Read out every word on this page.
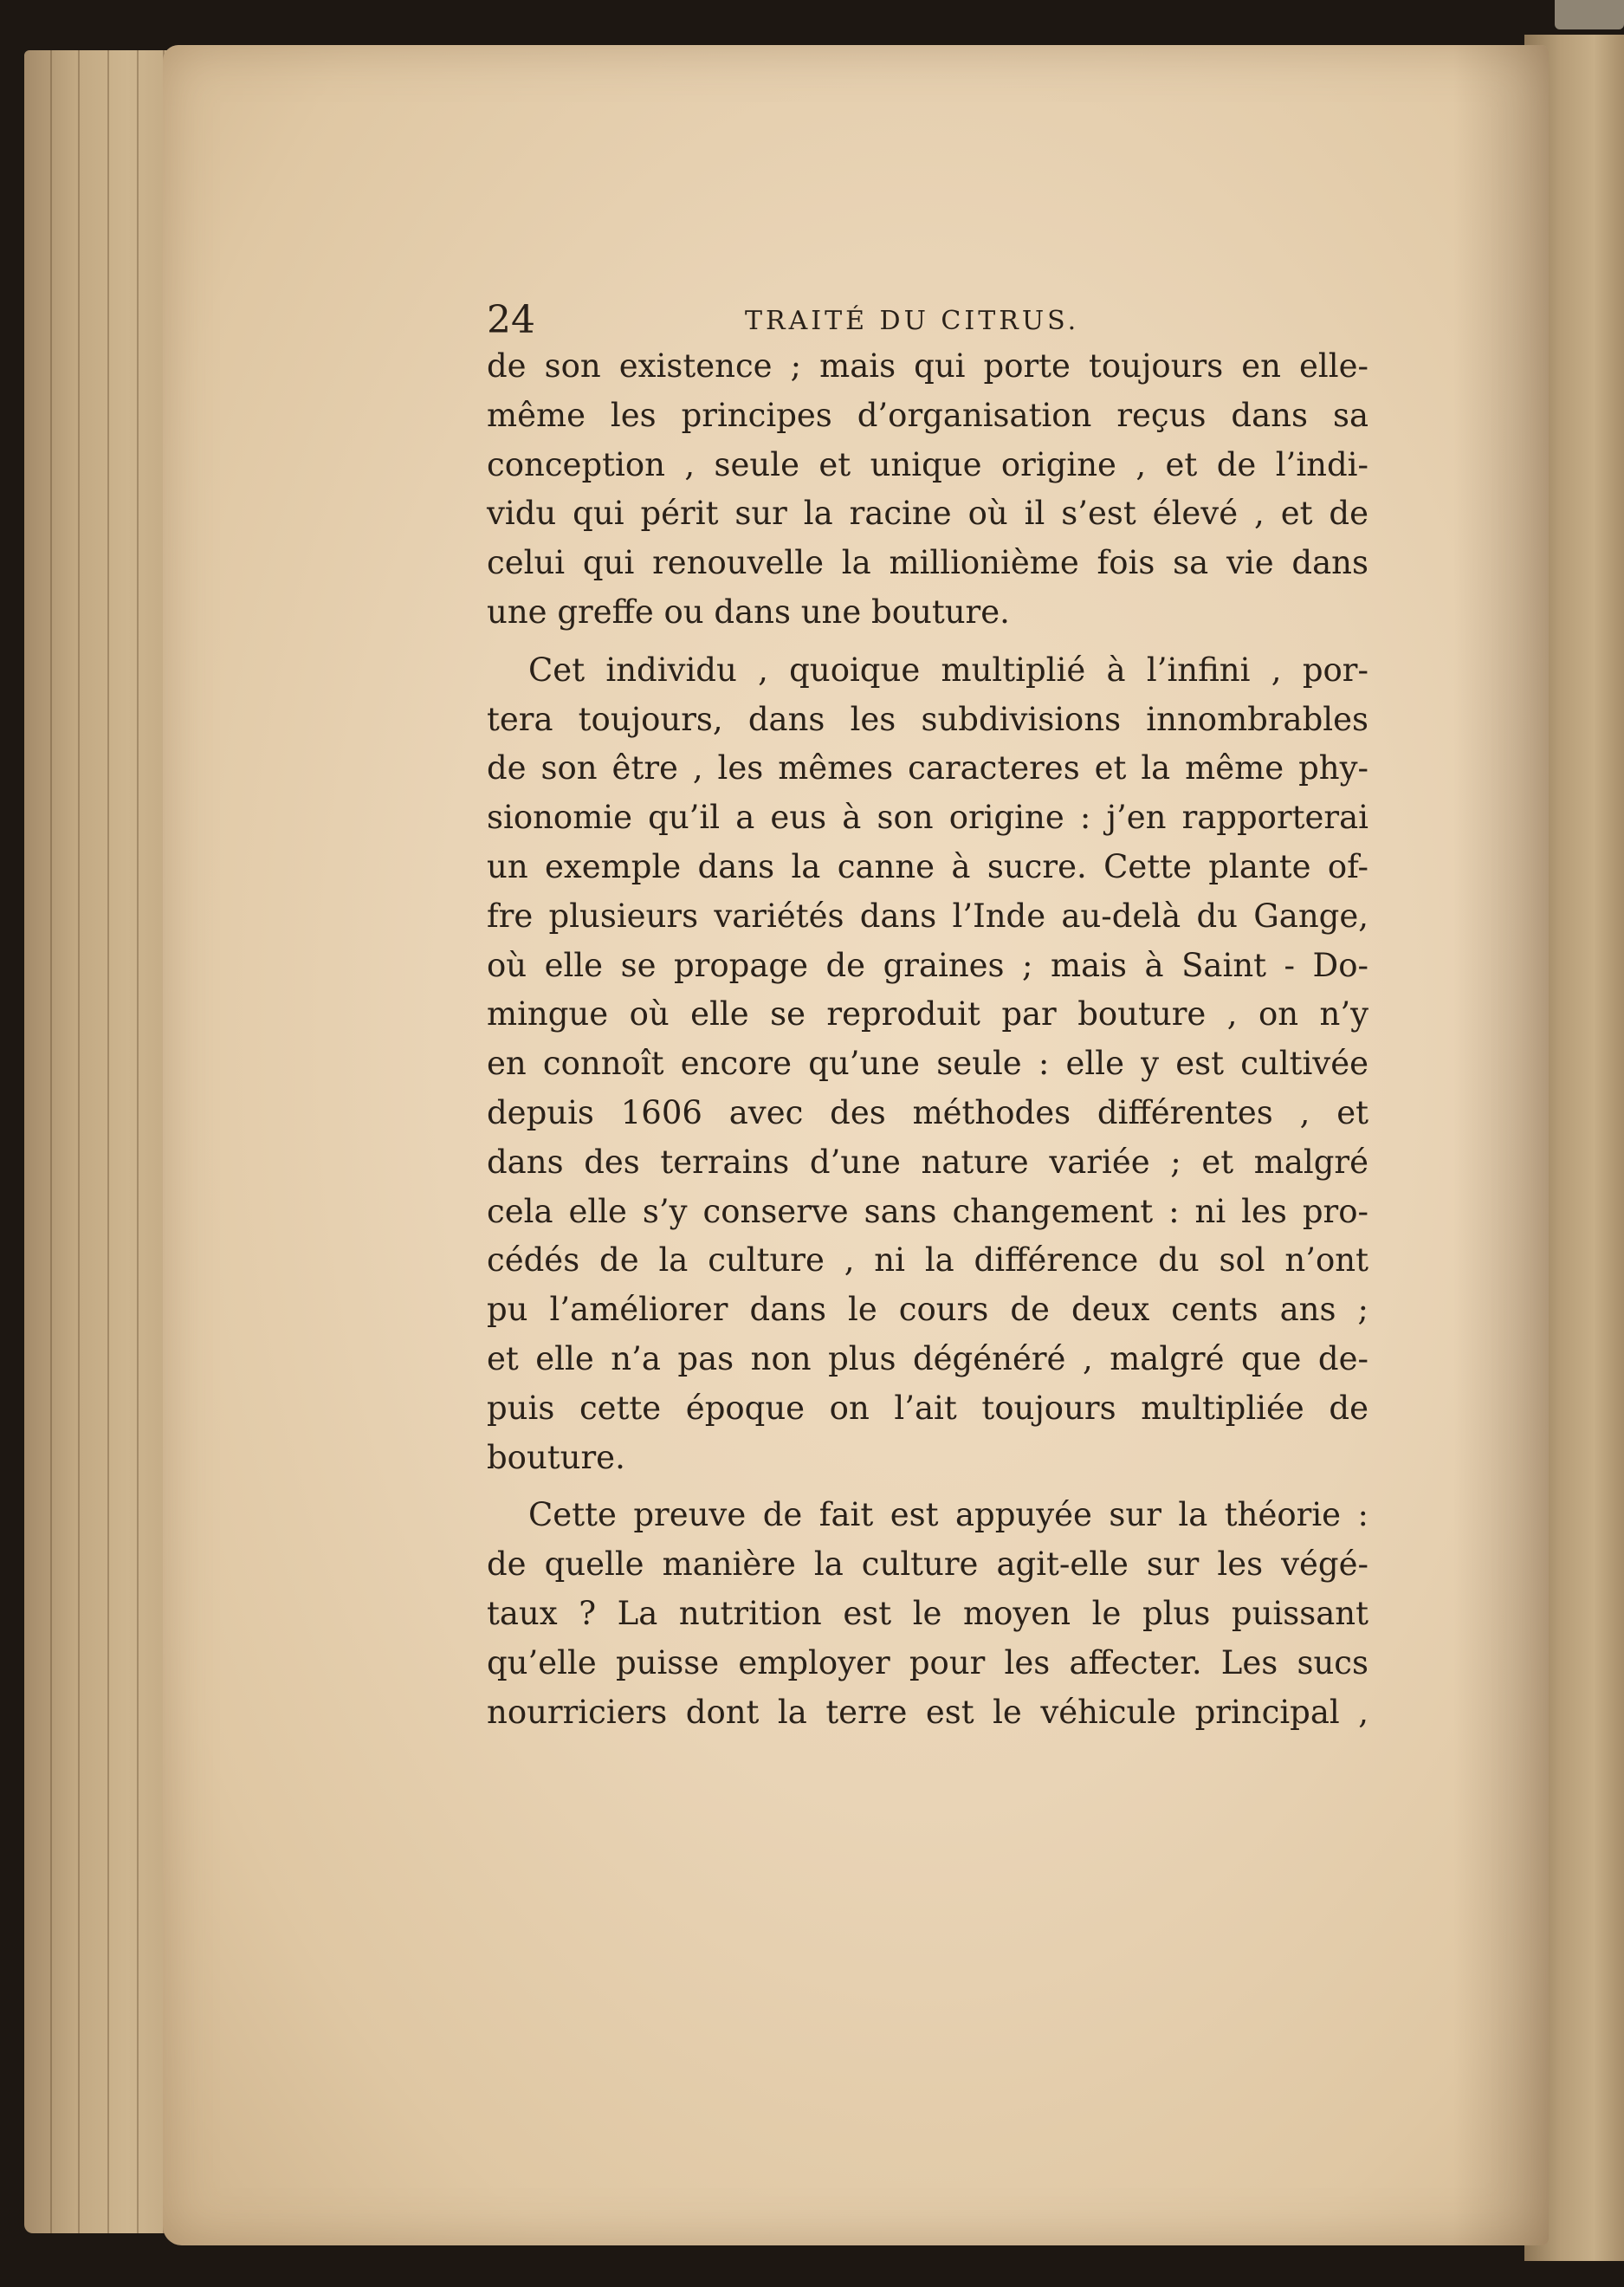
24	TRAITÉ DU CITRUS.
de son existence ; mais qui porte toujours en elle-
même les principes d’organisation reçus dans sa
conception , seule et unique origine , et de l’indi-
vidu qui périt sur la racine où il s’est élevé , et de
celui qui renouvelle la millionième fois sa vie dans
une greffe ou dans une bouture.
Cet individu , quoique multiplié à l’infini , por-
tera toujours, dans les subdivisions innombrables
de son être , les mêmes caracteres et la même phy-
sionomie qu’il a eus à son origine : j’en rapporterai
un exemple dans la canne à sucre. Cette plante of-
fre plusieurs variétés dans l’Inde au-delà du Gange,
où elle se propage de graines ; mais à Saint - Do-
mingue où elle se reproduit par bouture , on n’y
en connoît encore qu’une seule : elle y est cultivée
depuis 1606 avec des méthodes différentes , et
dans des terrains d’une nature variée ; et malgré
cela elle s’y conserve sans changement : ni les pro-
cédés de la culture , ni la différence du sol n’ont
pu l’améliorer dans le cours de deux cents ans ;
et elle n’a pas non plus dégénéré , malgré que de-
puis cette époque on l’ait toujours multipliée de
bouture.
Cette preuve de fait est appuyée sur la théorie :
de quelle manière la culture agit-elle sur les végé-
taux ? La nutrition est le moyen le plus puissant
qu’elle puisse employer pour les affecter. Les sucs
nourriciers dont la terre est le véhicule principal ,
